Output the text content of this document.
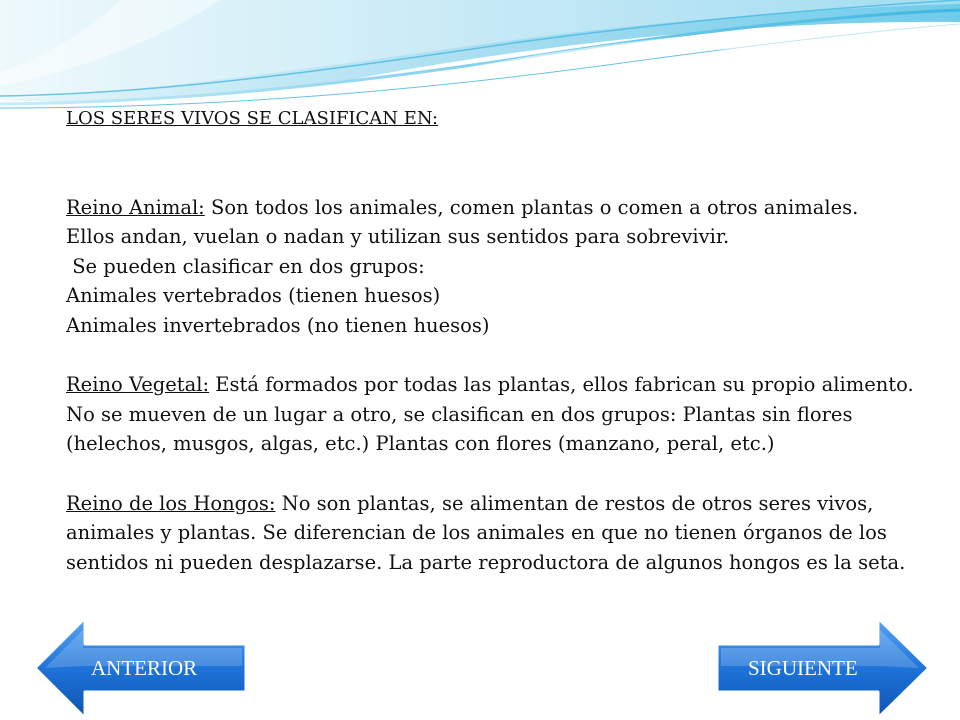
LOS SERES VIVOS SE CLASIFICAN EN:

Reino Animal: Son todos los animales, comen plantas o comen a otros animales.

Ellos andan, vuelan o nadan y utilizan sus sentidos para sobrevivir.

Se pueden clasificar en dos grupos:

Animales vertebrados (tienen huesos)

Animales invertebrados (no tienen huesos)

Reino Vegetal: Está formados por todas las plantas, ellos fabrican su propio alimento. No se mueven de un lugar a otro, se clasifican en dos grupos: Plantas sin flores (helechos, musgos, algas, etc.) Plantas con flores (manzano, peral, etc.)

Reino de los Hongos: No son plantas, se alimentan de restos de otros seres vivos, animales y plantas. Se diferencian de los animales en que no tienen órganos de los sentidos ni pueden desplazarse. La parte reproductora de algunos hongos es la seta.

ANTERIOR	SIGUIENTE
